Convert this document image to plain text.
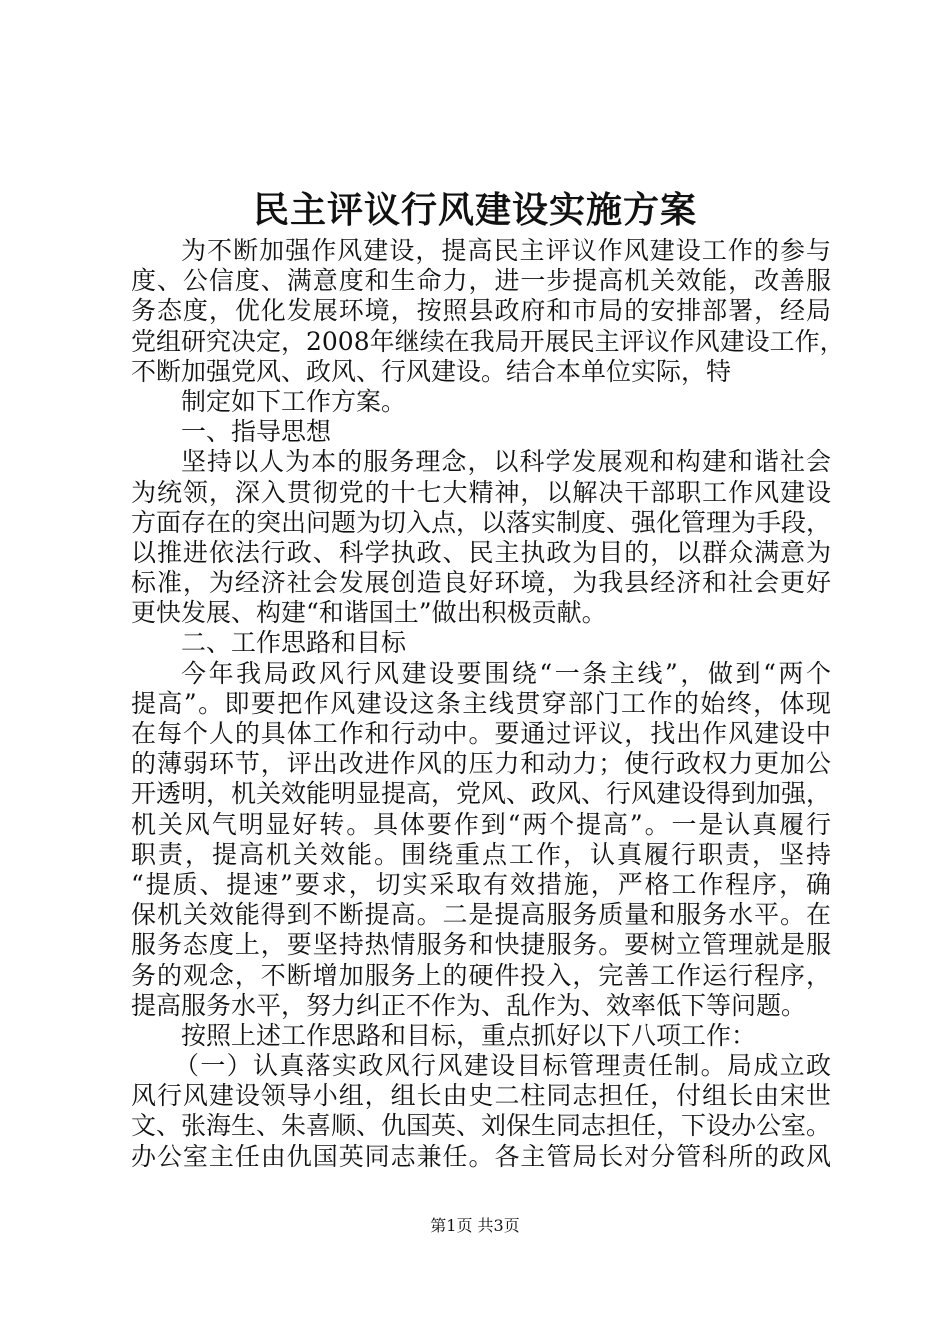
民主评议行风建设实施方案
为不断加强作风建设，提高民主评议作风建设工作的参与
度、公信度、满意度和生命力，进一步提高机关效能，改善服
务态度，优化发展环境，按照县政府和市局的安排部署，经局
党组研究决定，2008年继续在我局开展民主评议作风建设工作，
不断加强党风、政风、行风建设。结合本单位实际，特
制定如下工作方案。
一、指导思想
坚持以人为本的服务理念，以科学发展观和构建和谐社会
为统领，深入贯彻党的十七大精神，以解决干部职工作风建设
方面存在的突出问题为切入点，以落实制度、强化管理为手段，
以推进依法行政、科学执政、民主执政为目的，以群众满意为
标准，为经济社会发展创造良好环境，为我县经济和社会更好
更快发展、构建“和谐国土”做出积极贡献。
二、工作思路和目标
今年我局政风行风建设要围绕“一条主线”，做到“两个
提高”。即要把作风建设这条主线贯穿部门工作的始终，体现
在每个人的具体工作和行动中。要通过评议，找出作风建设中
的薄弱环节，评出改进作风的压力和动力；使行政权力更加公
开透明，机关效能明显提高，党风、政风、行风建设得到加强，
机关风气明显好转。具体要作到“两个提高”。一是认真履行
职责，提高机关效能。围绕重点工作，认真履行职责，坚持
“提质、提速”要求，切实采取有效措施，严格工作程序，确
保机关效能得到不断提高。二是提高服务质量和服务水平。在
服务态度上，要坚持热情服务和快捷服务。要树立管理就是服
务的观念，不断增加服务上的硬件投入，完善工作运行程序，
提高服务水平，努力纠正不作为、乱作为、效率低下等问题。
按照上述工作思路和目标，重点抓好以下八项工作：
（一）认真落实政风行风建设目标管理责任制。局成立政
风行风建设领导小组，组长由史二柱同志担任，付组长由宋世
文、张海生、朱喜顺、仇国英、刘保生同志担任，下设办公室。
办公室主任由仇国英同志兼任。各主管局长对分管科所的政风
第1页 共3页
